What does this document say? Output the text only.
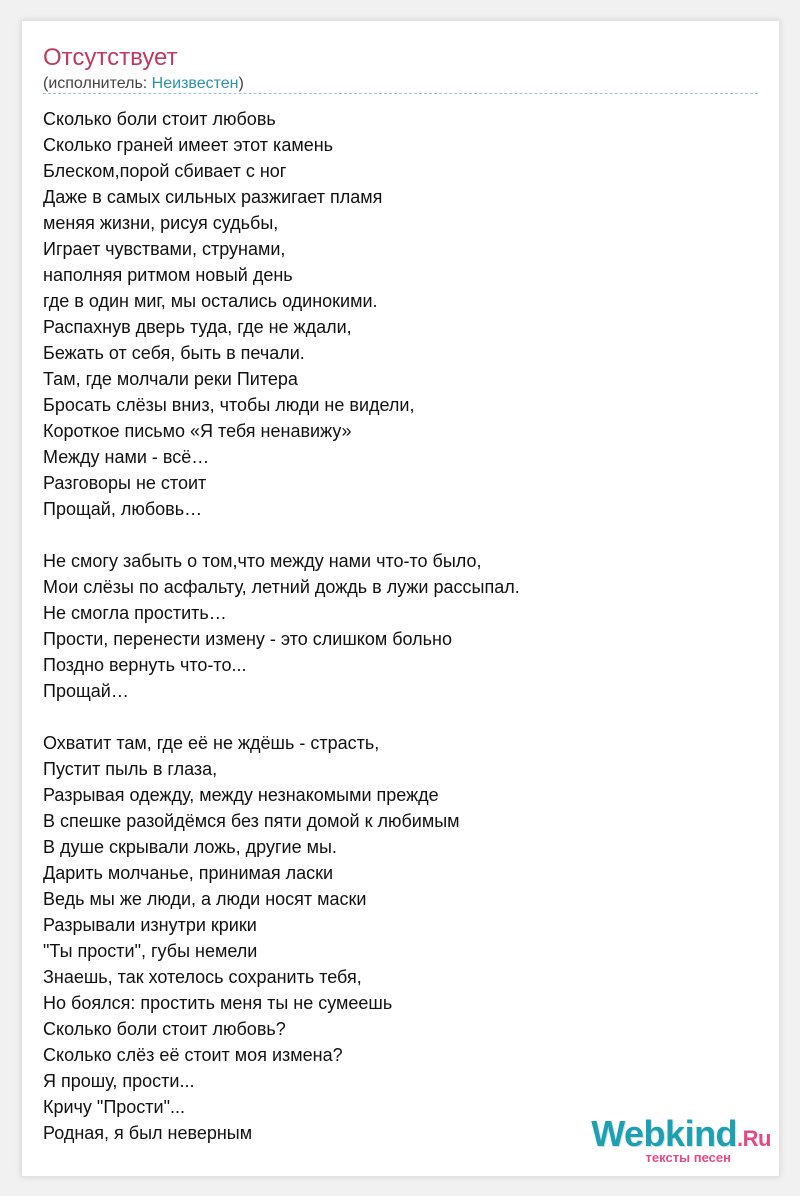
Отсутствует
(исполнитель: Неизвестен)
Сколько боли стоит любовь
Сколько граней имеет этот камень
Блеском,порой сбивает с ног
Даже в самых сильных разжигает пламя
меняя жизни, рисуя судьбы,
Играет чувствами, струнами,
наполняя ритмом новый день
где в один миг, мы остались одинокими.
Распахнув дверь туда, где не ждали,
Бежать от себя, быть в печали.
Там, где молчали реки Питера
Бросать слёзы вниз, чтобы люди не видели,
Короткое письмо «Я тебя ненавижу»
Между нами - всё…
Разговоры не стоит
Прощай, любовь…
Не смогу забыть о том,что между нами что-то было,
Мои слёзы по асфальту, летний дождь в лужи рассыпал.
Не смогла простить…
Прости, перенести измену - это слишком больно
Поздно вернуть что-то...
Прощай…
Охватит там, где её не ждёшь - страсть,
Пустит пыль в глаза,
Разрывая одежду, между незнакомыми прежде
В спешке разойдёмся без пяти домой к любимым
В душе скрывали ложь, другие мы.
Дарить молчанье, принимая ласки
Ведь мы же люди, а люди носят маски
Разрывали изнутри крики
"Ты прости", губы немели
Знаешь, так хотелось сохранить тебя,
Но боялся: простить меня ты не сумеешь
Сколько боли стоит любовь?
Сколько слёз её стоит моя измена?
Я прошу, прости...
Кричу "Прости"...
Родная, я был неверным	Webkind.Ru
тексты песен
